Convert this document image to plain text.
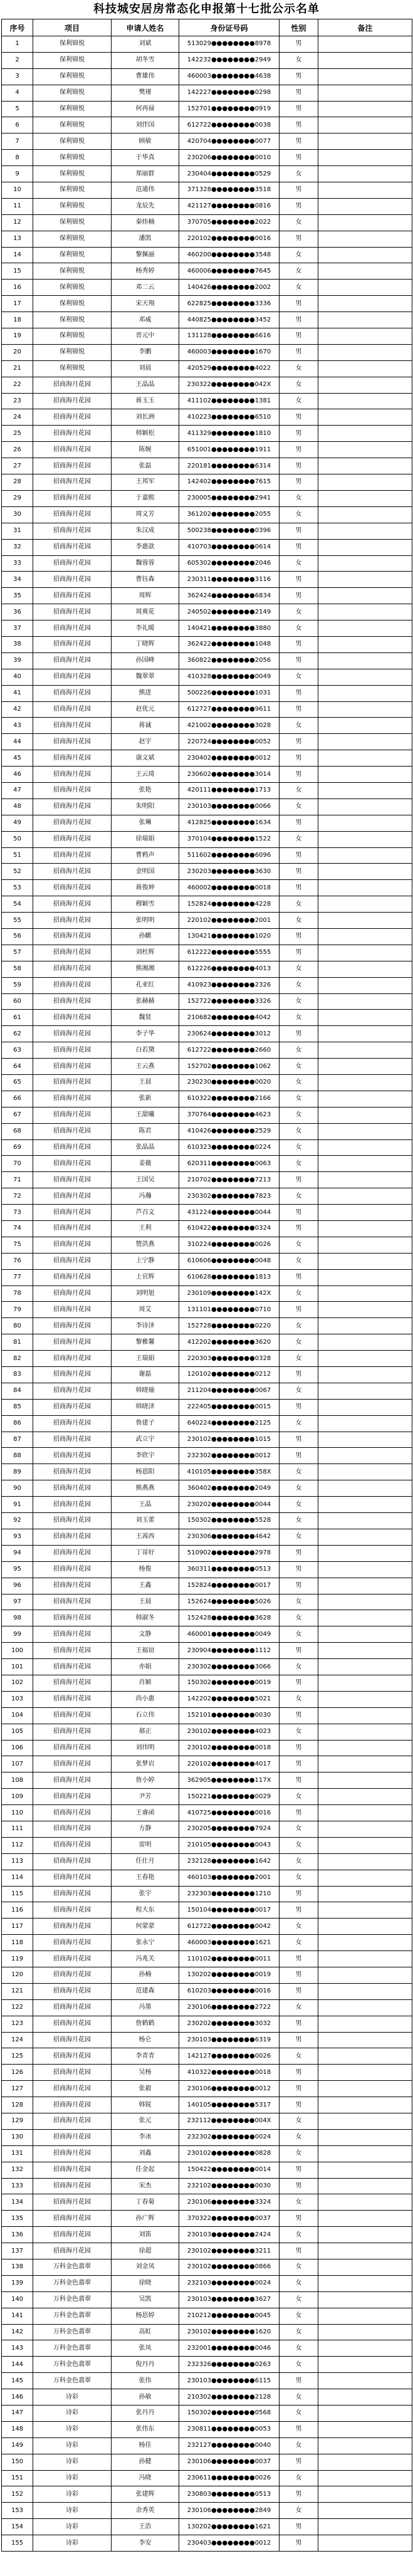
科技城安居房常态化申报第十七批公示名单
序号	项目	申请人姓名	身份证号码	性别	备注
1	保利锦悦	刘斌	513029●●●●●●●●8978	男	
2	保利锦悦	胡冬雪	142232●●●●●●●●2949	女	
3	保利锦悦	曹雄伟	460003●●●●●●●●4638	男	
4	保利锦悦	樊瑾	142227●●●●●●●●0298	男	
5	保利锦悦	何再禄	152701●●●●●●●●0919	男	
6	保利锦悦	刘伴国	612722●●●●●●●●0038	男	
7	保利锦悦	顾敏	420704●●●●●●●●0077	男	
8	保利锦悦	于华真	230206●●●●●●●●0010	男	
9	保利锦悦	郑丽群	230404●●●●●●●●0529	女	
10	保利锦悦	范通伟	371328●●●●●●●●3518	男	
11	保利锦悦	龙辰先	421127●●●●●●●●0816	男	
12	保利锦悦	秦炜楠	370705●●●●●●●●2022	女	
13	保利锦悦	潘凯	220102●●●●●●●●0016	男	
14	保利锦悦	黎佩丽	460200●●●●●●●●3548	女	
15	保利锦悦	杨秀婷	460006●●●●●●●●7645	女	
16	保利锦悦	邓二云	140426●●●●●●●●2002	女	
17	保利锦悦	宋天翔	622825●●●●●●●●3336	男	
18	保利锦悦	邓威	440825●●●●●●●●3452	男	
19	保利锦悦	晋元中	131128●●●●●●●●6616	男	
20	保利锦悦	李鹏	460003●●●●●●●●1670	男	
21	保利锦悦	刘晨	420529●●●●●●●●4022	女	
22	招商海月花园	王晶晶	230322●●●●●●●●042X	女	
23	招商海月花园	蒋玉玉	411102●●●●●●●●1381	女	
24	招商海月花园	刘长洲	410223●●●●●●●●6510	男	
25	招商海月花园	韩颖松	411329●●●●●●●●1810	男	
26	招商海月花园	陈婉	651001●●●●●●●●1911	男	
27	招商海月花园	张磊	220181●●●●●●●●6314	男	
28	招商海月花园	王邦军	142402●●●●●●●●7615	男	
29	招商海月花园	于嘉熙	230005●●●●●●●●2941	女	
30	招商海月花园	周文芳	361202●●●●●●●●2055	女	
31	招商海月花园	朱汉成	500238●●●●●●●●0396	男	
32	招商海月花园	李惠歆	410703●●●●●●●●0614	男	
33	招商海月花园	魏蓉蓉	605302●●●●●●●●2046	女	
34	招商海月花园	曹钰森	230311●●●●●●●●3116	男	
35	招商海月花园	周辉	362424●●●●●●●●6834	男	
36	招商海月花园	周爽花	240502●●●●●●●●2149	女	
37	招商海月花园	李礼暖	140421●●●●●●●●3880	女	
38	招商海月花园	丁晓辉	362422●●●●●●●●1048	男	
39	招商海月花园	孙国峰	360822●●●●●●●●2056	男	
40	招商海月花园	魏翠翠	410328●●●●●●●●0049	女	
41	招商海月花园	熊进	500226●●●●●●●●1031	男	
42	招商海月花园	赵优元	612727●●●●●●●●9611	男	
43	招商海月花园	蒋诚	421002●●●●●●●●3028	女	
44	招商海月花园	赵宇	220724●●●●●●●●0052	男	
45	招商海月花园	康文斌	230402●●●●●●●●0012	男	
46	招商海月花园	王云琦	230602●●●●●●●●3014	男	
47	招商海月花园	张艳	420111●●●●●●●●1713	女	
48	招商海月花园	朱明阳	230103●●●●●●●●0066	女	
49	招商海月花园	张琳	412825●●●●●●●●1634	男	
50	招商海月花园	徐瑞娟	370104●●●●●●●●1522	女	
51	招商海月花园	曹鸦声	511602●●●●●●●●6096	男	
52	招商海月花园	金明国	230203●●●●●●●●3630	男	
53	招商海月花园	蒋俊坤	460002●●●●●●●●0018	男	
54	招商海月花园	穆颖雪	152824●●●●●●●●4228	女	
55	招商海月花园	张明明	220102●●●●●●●●2001	女	
56	招商海月花园	孙麒	130421●●●●●●●●1020	男	
57	招商海月花园	刘杜辉	612222●●●●●●●●5555	男	
58	招商海月花园	熊湘湘	612226●●●●●●●●4013	女	
59	招商海月花园	孔亚红	410923●●●●●●●●2326	女	
60	招商海月花园	张赫赫	152722●●●●●●●●3326	女	
61	招商海月花园	魏贤	210682●●●●●●●●4042	女	
62	招商海月花园	李子华	230624●●●●●●●●3012	男	
63	招商海月花园	白若黛	612722●●●●●●●●2660	女	
64	招商海月花园	王云燕	152702●●●●●●●●1062	女	
65	招商海月花园	王晨	230230●●●●●●●●0020	女	
66	招商海月花园	张新	610322●●●●●●●●2166	女	
67	招商海月花园	王甜曦	370764●●●●●●●●4623	女	
68	招商海月花园	陈君	410426●●●●●●●●2529	女	
69	招商海月花园	张晶晶	610323●●●●●●●●0224	女	
70	招商海月花园	姜薇	620311●●●●●●●●0063	女	
71	招商海月花园	王国吴	210702●●●●●●●●7213	男	
72	招商海月花园	冯瀚	230302●●●●●●●●7823	女	
73	招商海月花园	芦召文	431224●●●●●●●●0044	男	
74	招商海月花园	王利	610422●●●●●●●●0324	男	
75	招商海月花园	赞洪燕	310224●●●●●●●●0026	女	
76	招商海月花园	上宁静	610606●●●●●●●●0048	女	
77	招商海月花园	上官辉	610628●●●●●●●●1813	男	
78	招商海月花园	刘明旭	230109●●●●●●●●142X	女	
79	招商海月花园	周艾	131101●●●●●●●●0710	男	
80	招商海月花园	李诗泽	152728●●●●●●●●0220	女	
81	招商海月花园	黎雅馨	412202●●●●●●●●3620	女	
82	招商海月花园	王瑞娟	220303●●●●●●●●0328	女	
83	招商海月花园	谢磊	120102●●●●●●●●0212	男	
84	招商海月花园	韩晓瑜	211204●●●●●●●●0067	女	
85	招商海月花园	韩晓泽	222405●●●●●●●●0015	男	
86	招商海月花园	鲁建子	640224●●●●●●●●2125	女	
87	招商海月花园	武立宇	230102●●●●●●●●1015	男	
88	招商海月花园	李欣宇	232302●●●●●●●●0012	男	
89	招商海月花园	杨恩阳	410105●●●●●●●●358X	女	
90	招商海月花园	熊燕燕	360402●●●●●●●●2049	女	
91	招商海月花园	王晶	230202●●●●●●●●0044	女	
92	招商海月花园	刘玉蕾	150302●●●●●●●●5528	女	
93	招商海月花园	王茜西	230306●●●●●●●●4642	女	
94	招商海月花园	丁哥好	510902●●●●●●●●2978	男	
95	招商海月花园	杨俊	360311●●●●●●●●0513	男	
96	招商海月花园	王鑫	152824●●●●●●●●0017	男	
97	招商海月花园	王晨	152624●●●●●●●●5026	女	
98	招商海月花园	韩淑冬	152428●●●●●●●●3628	女	
99	招商海月花园	文静	460001●●●●●●●●0049	女	
100	招商海月花园	王福谊	230904●●●●●●●●1112	男	
101	招商海月花园	亦娟	230302●●●●●●●●3066	女	
102	招商海月花园	肖颖	150302●●●●●●●●0019	男	
103	招商海月花园	尚小惠	142202●●●●●●●●5021	女	
104	招商海月花园	石立伟	152101●●●●●●●●0030	男	
105	招商海月花园	郝正	230102●●●●●●●●4023	女	
106	招商海月花园	刘伟明	230102●●●●●●●●0018	男	
107	招商海月花园	张梦岩	220102●●●●●●●●4017	男	
108	招商海月花园	詹小婷	362905●●●●●●●●117X	男	
109	招商海月花园	尹芳	150221●●●●●●●●0029	女	
110	招商海月花园	王睿函	410725●●●●●●●●0016	男	
111	招商海月花园	方静	230205●●●●●●●●7924	女	
112	招商海月花园	雷明	210105●●●●●●●●0043	女	
113	招商海月花园	任仕月	232128●●●●●●●●1642	女	
114	招商海月花园	王春艳	460103●●●●●●●●2001	女	
115	招商海月花园	张宇	232303●●●●●●●●1210	男	
116	招商海月花园	程大东	150104●●●●●●●●0017	男	
117	招商海月花园	何蒙蒙	612722●●●●●●●●0042	女	
118	招商海月花园	张永宁	460003●●●●●●●●1621	女	
119	招商海月花园	冯兆关	110102●●●●●●●●0011	男	
120	招商海月花园	孙楠	130202●●●●●●●●0019	男	
121	招商海月花园	范建森	610203●●●●●●●●0016	男	
122	招商海月花园	冯墨	230106●●●●●●●●2722	女	
123	招商海月花园	詹鹤鹤	230202●●●●●●●●3032	男	
124	招商海月花园	杨仑	230103●●●●●●●●6319	男	
125	招商海月花园	李青青	142127●●●●●●●●0026	女	
126	招商海月花园	吴杨	410322●●●●●●●●0018	男	
127	招商海月花园	张毅	230106●●●●●●●●0012	男	
128	招商海月花园	韩锐	140105●●●●●●●●5317	男	
129	招商海月花园	张元	232112●●●●●●●●004X	女	
130	招商海月花园	李冰	232302●●●●●●●●0024	女	
131	招商海月花园	刘鑫	230102●●●●●●●●0828	女	
132	招商海月花园	任金起	150422●●●●●●●●0014	男	
133	招商海月花园	宋杰	232102●●●●●●●●0030	男	
134	招商海月花园	丁春菊	230106●●●●●●●●3324	女	
135	招商海月花园	孙广辉	370322●●●●●●●●0037	男	
136	招商海月花园	刘笛	230103●●●●●●●●2424	女	
137	招商海月花园	徐超	230102●●●●●●●●3211	男	
138	万科金色翡翠	刘金凤	230102●●●●●●●●0866	女	
139	万科金色翡翠	徐晓	232103●●●●●●●●0024	女	
140	万科金色翡翠	吴凯	230103●●●●●●●●3627	女	
141	万科金色翡翠	杨思婷	210212●●●●●●●●0045	女	
142	万科金色翡翠	高虹	230102●●●●●●●●1620	女	
143	万科金色翡翠	张凤	232001●●●●●●●●0046	女	
144	万科金色翡翠	倪丹丹	232326●●●●●●●●0263	女	
145	万科金色翡翠	张伟	230103●●●●●●●●6115	男	
146	诗彩	孙敏	210302●●●●●●●●2128	女	
147	诗彩	张丹丹	150302●●●●●●●●0568	女	
148	诗彩	张伟东	230811●●●●●●●●0053	男	
149	诗彩	杨佳	232127●●●●●●●●0040	女	
150	诗彩	孙健	230106●●●●●●●●0037	男	
151	诗彩	冯晓	230611●●●●●●●●0026	女	
152	诗彩	张建辉	230803●●●●●●●●0513	男	
153	诗彩	余秀英	230106●●●●●●●●2849	女	
154	诗彩	王浩	130202●●●●●●●●1621	男	
155	诗彩	李安	230403●●●●●●●●0012	男	
